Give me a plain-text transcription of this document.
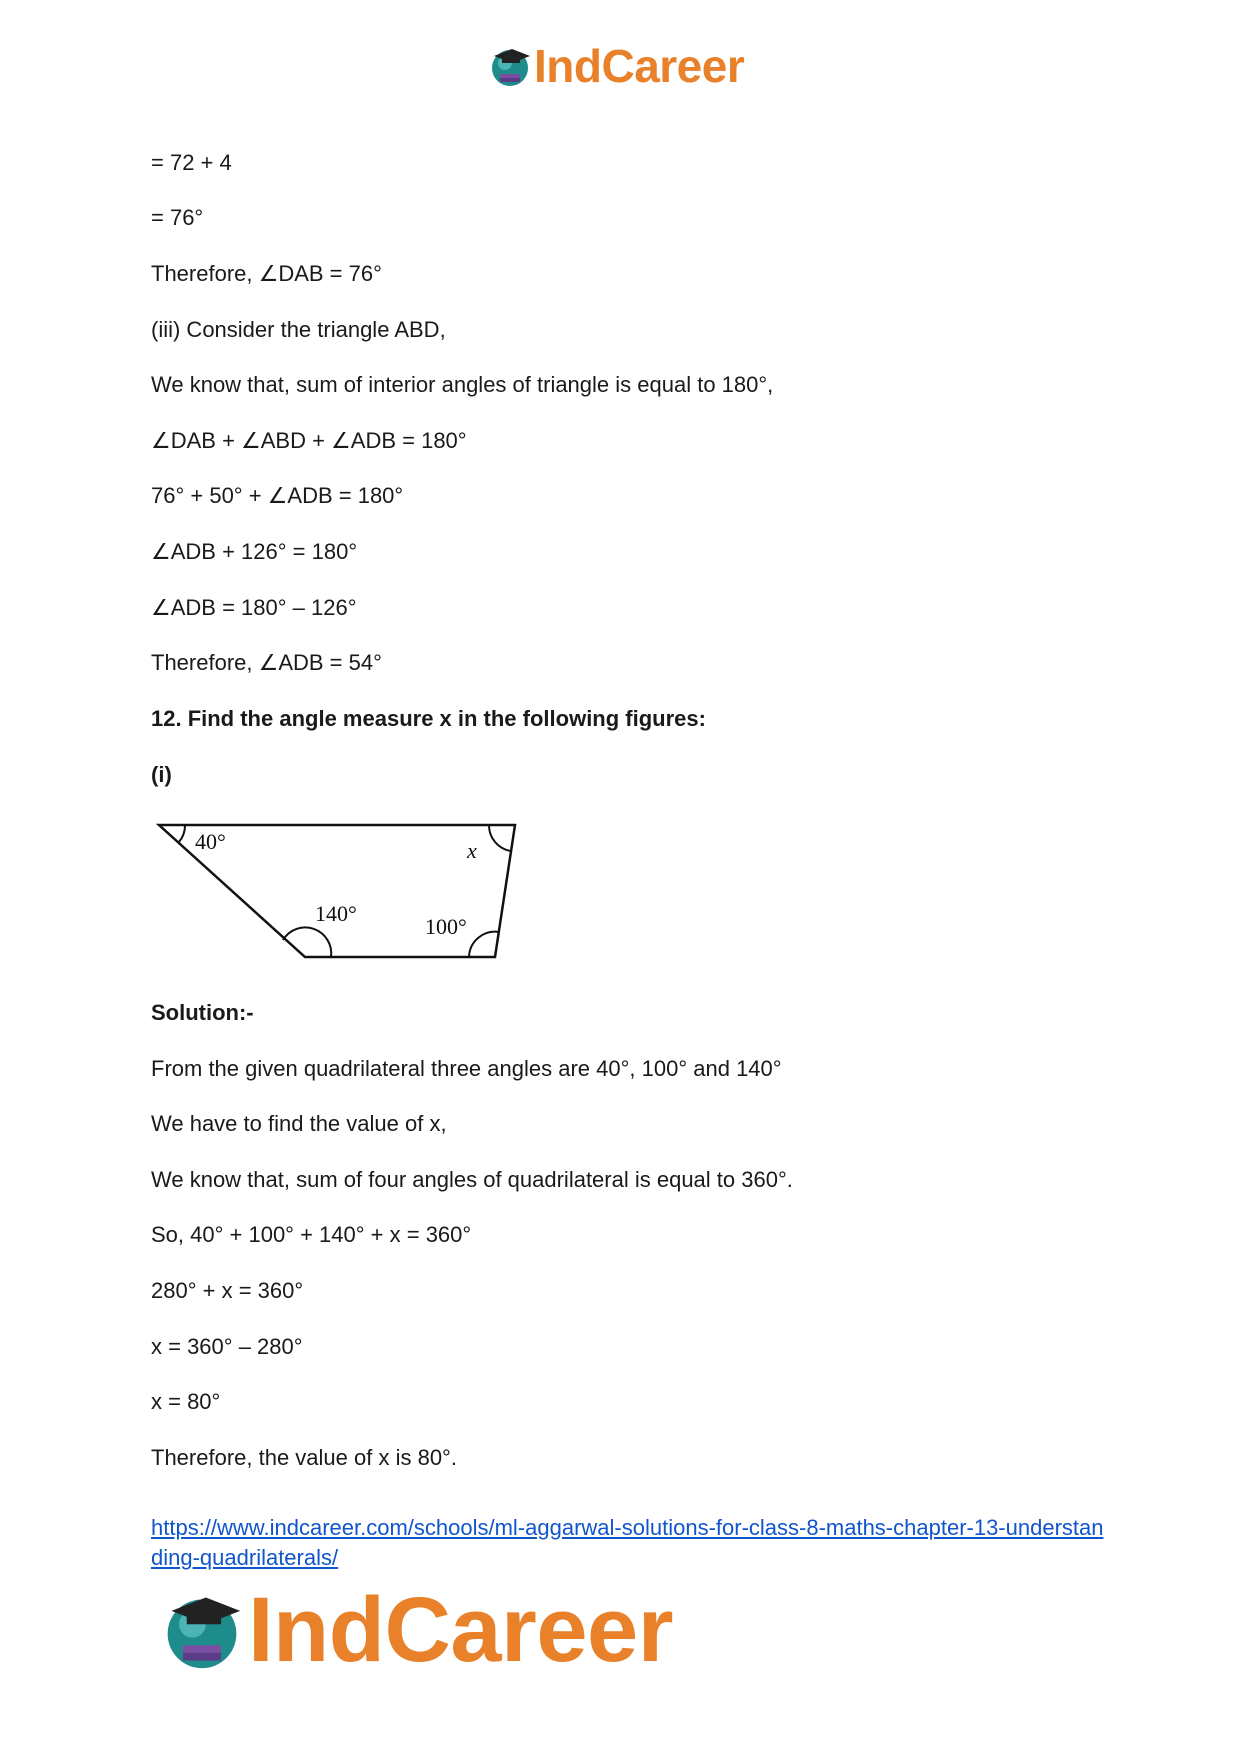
IndCareer
= 72 + 4
= 76°
Therefore, ∠DAB = 76°
(iii) Consider the triangle ABD,
We know that, sum of interior angles of triangle is equal to 180°,
∠DAB + ∠ABD + ∠ADB = 180°
76° + 50° + ∠ADB = 180°
∠ADB + 126° = 180°
∠ADB = 180° – 126°
Therefore, ∠ADB = 54°
12. Find the angle measure x in the following figures:
(i)
Solution:-
From the given quadrilateral three angles are 40°, 100° and 140°
We have to find the value of x,
We know that, sum of four angles of quadrilateral is equal to 360°.
So, 40° + 100° + 140° + x = 360°
280° + x = 360°
x = 360° – 280°
x = 80°
Therefore, the value of x is 80°.
40°	x
140°
100°
https://www.indcareer.com/schools/ml-aggarwal-solutions-for-class-8-maths-chapter-13-understanding-quadrilaterals/
IndCareer
